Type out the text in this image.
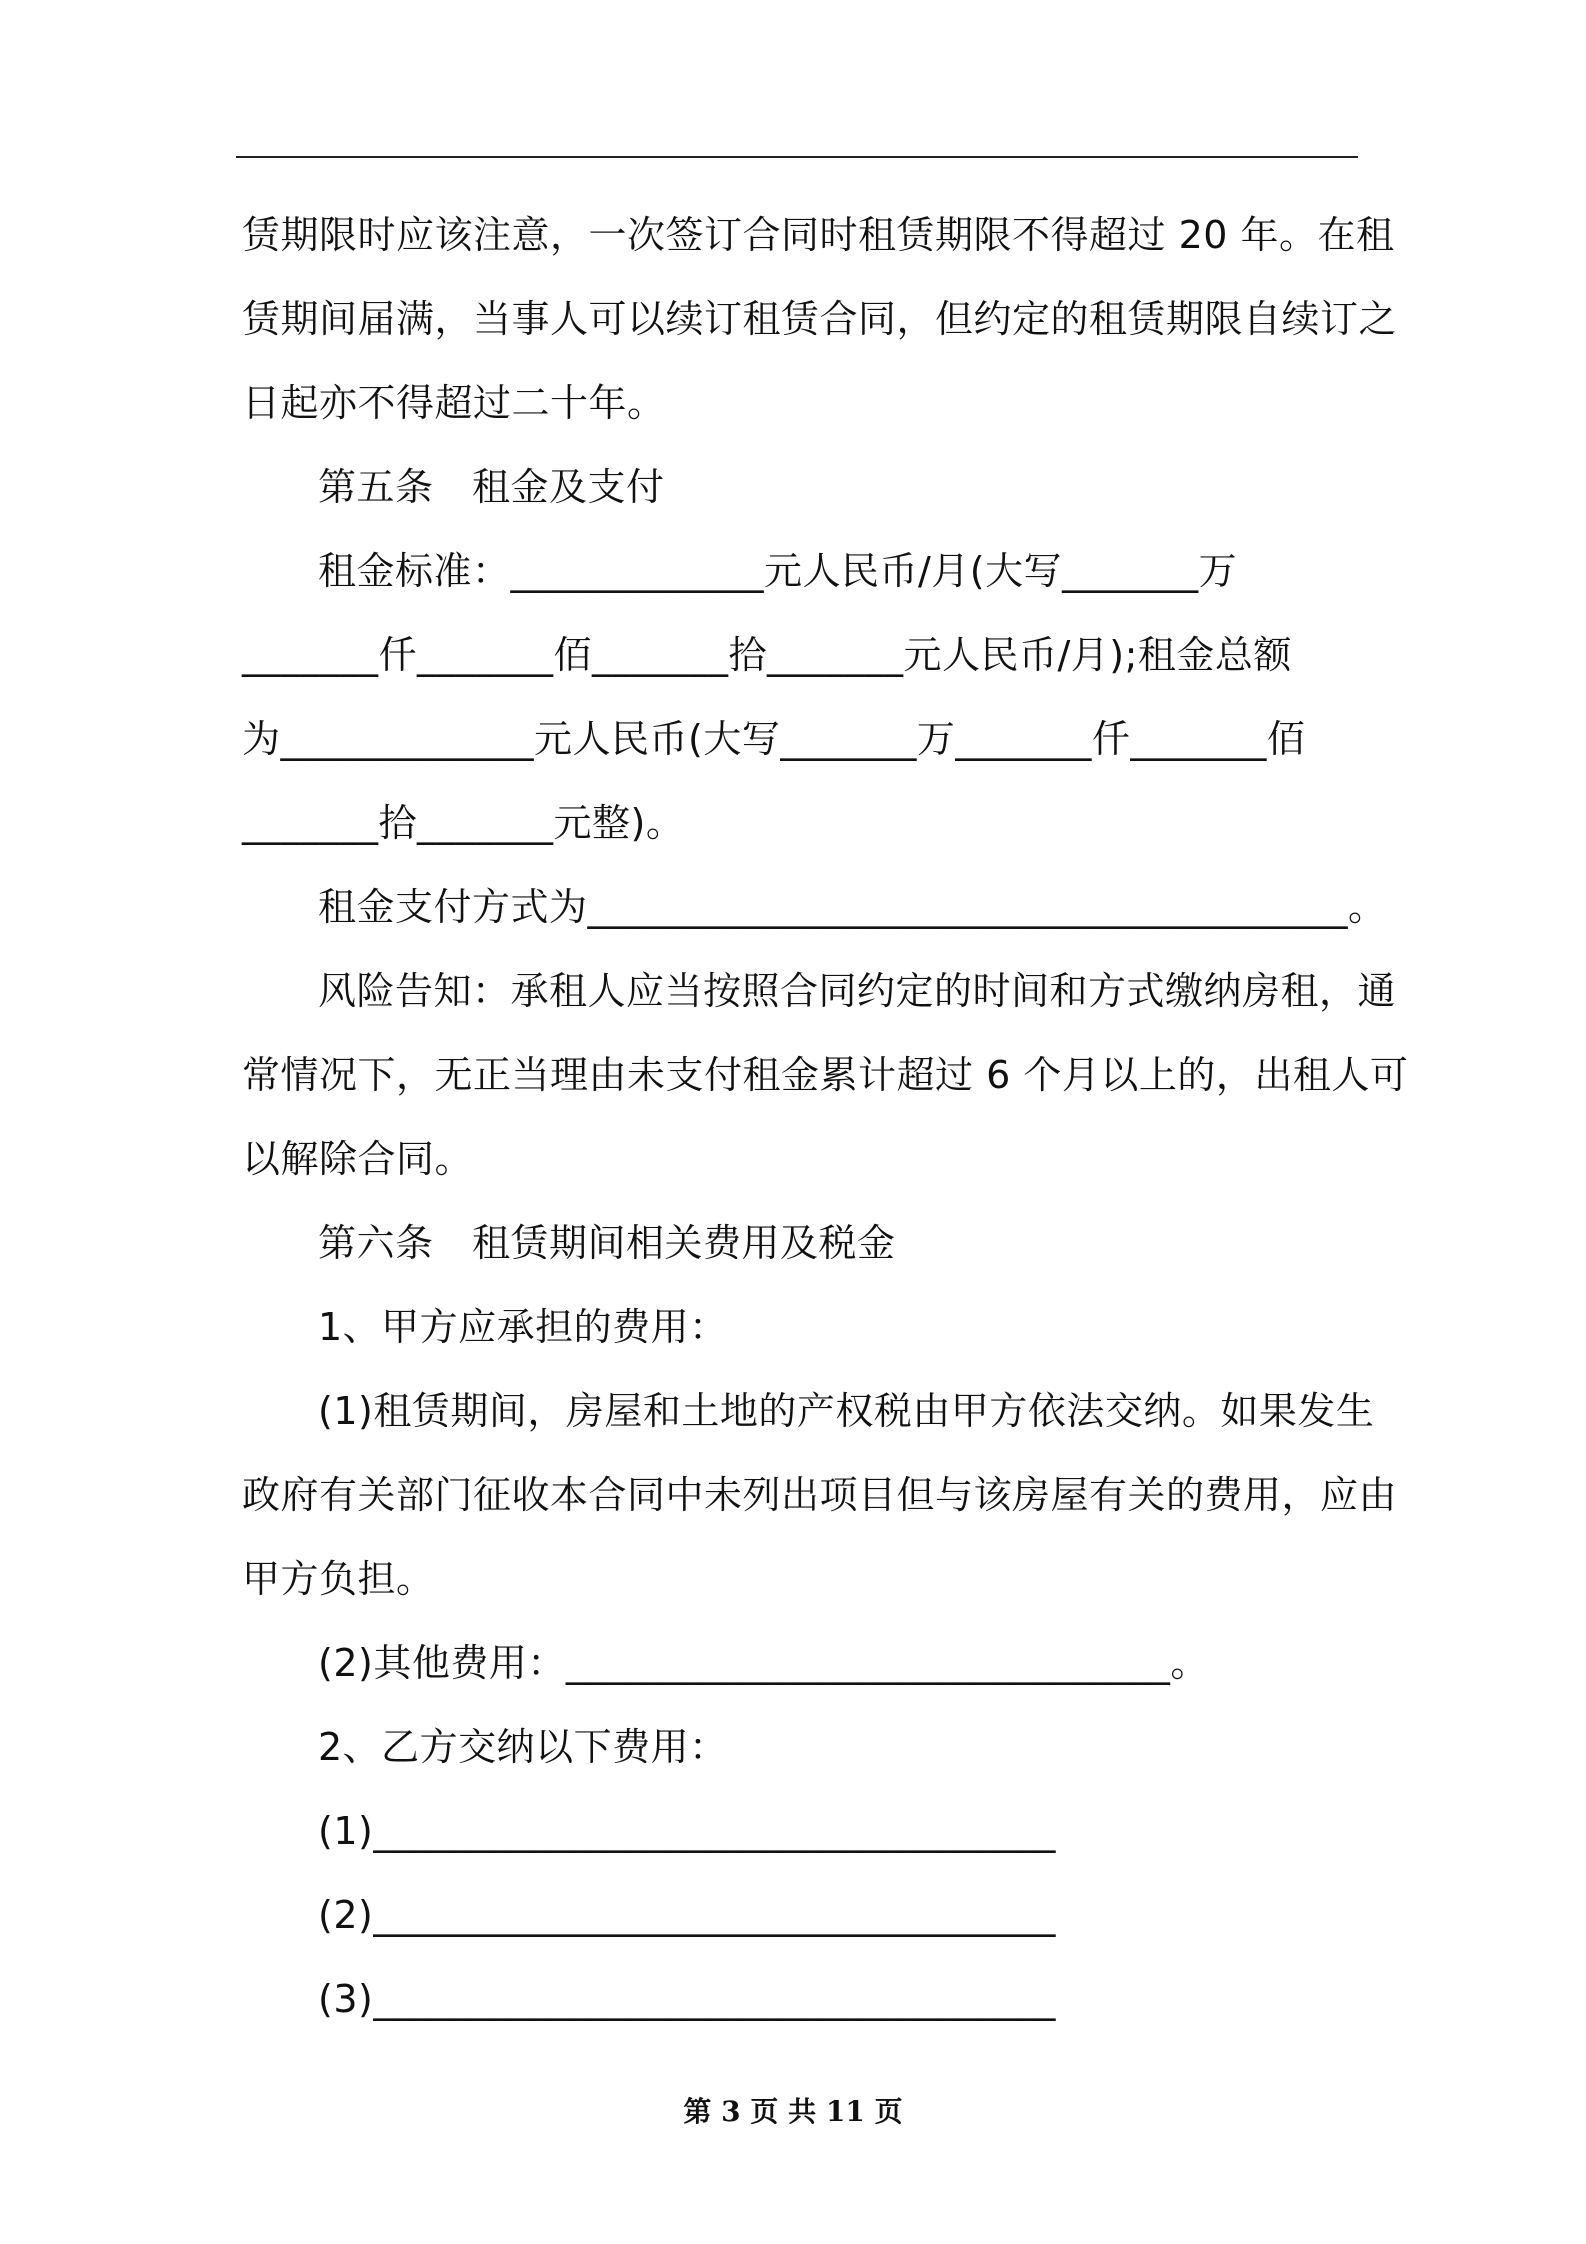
赁期限时应该注意，一次签订合同时租赁期限不得超过 20 年。在租
赁期间届满，当事人可以续订租赁合同，但约定的租赁期限自续订之
日起亦不得超过二十年。
第五条　租金及支付
租金标准：_____________元人民币/月(大写_______万
_______仟_______佰_______拾_______元人民币/月);租金总额
为_____________元人民币(大写_______万_______仟_______佰
_______拾_______元整)。
租金支付方式为_______________________________________。
风险告知：承租人应当按照合同约定的时间和方式缴纳房租，通
常情况下，无正当理由未支付租金累计超过 6 个月以上的，出租人可
以解除合同。
第六条　租赁期间相关费用及税金
1、甲方应承担的费用：
(1)租赁期间，房屋和土地的产权税由甲方依法交纳。如果发生
政府有关部门征收本合同中未列出项目但与该房屋有关的费用，应由
甲方负担。
(2)其他费用：_______________________________。
2、乙方交纳以下费用：
(1)___________________________________
(2)___________________________________
(3)___________________________________
第 3 页 共 11 页
